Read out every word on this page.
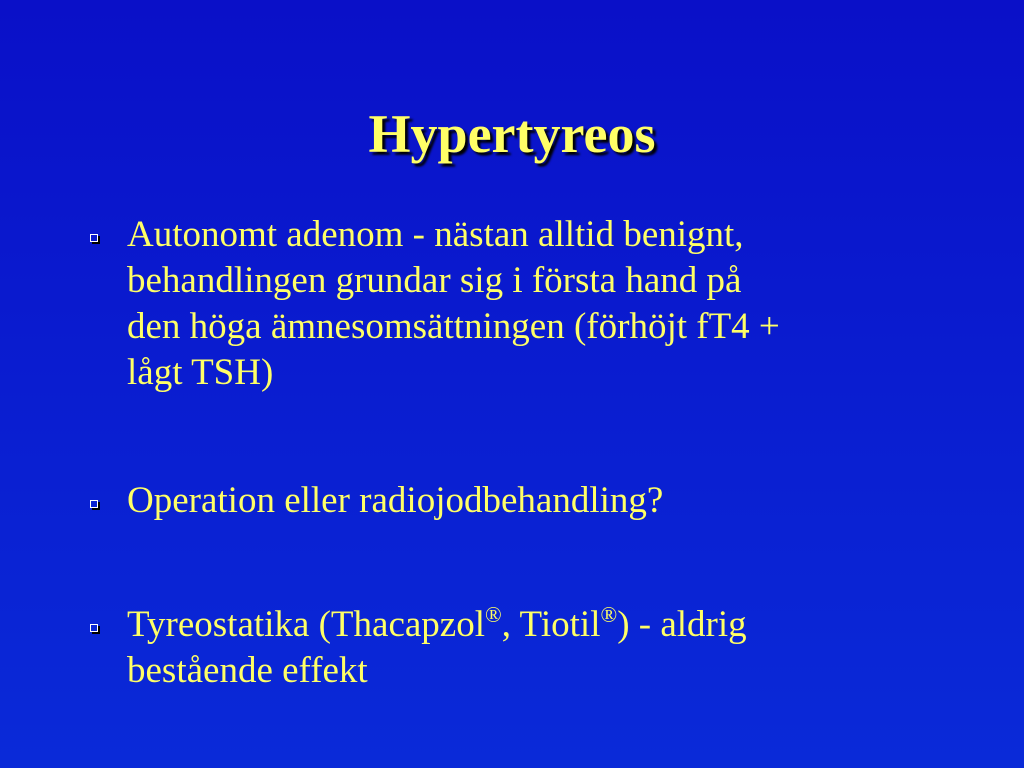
Hypertyreos
Autonomt adenom - nästan alltid benignt,
behandlingen grundar sig i första hand på
den höga ämnesomsättningen (förhöjt fT4 +
lågt TSH)
Operation eller radiojodbehandling?
Tyreostatika (Thacapzol®, Tiotil®) - aldrig
bestående effekt
